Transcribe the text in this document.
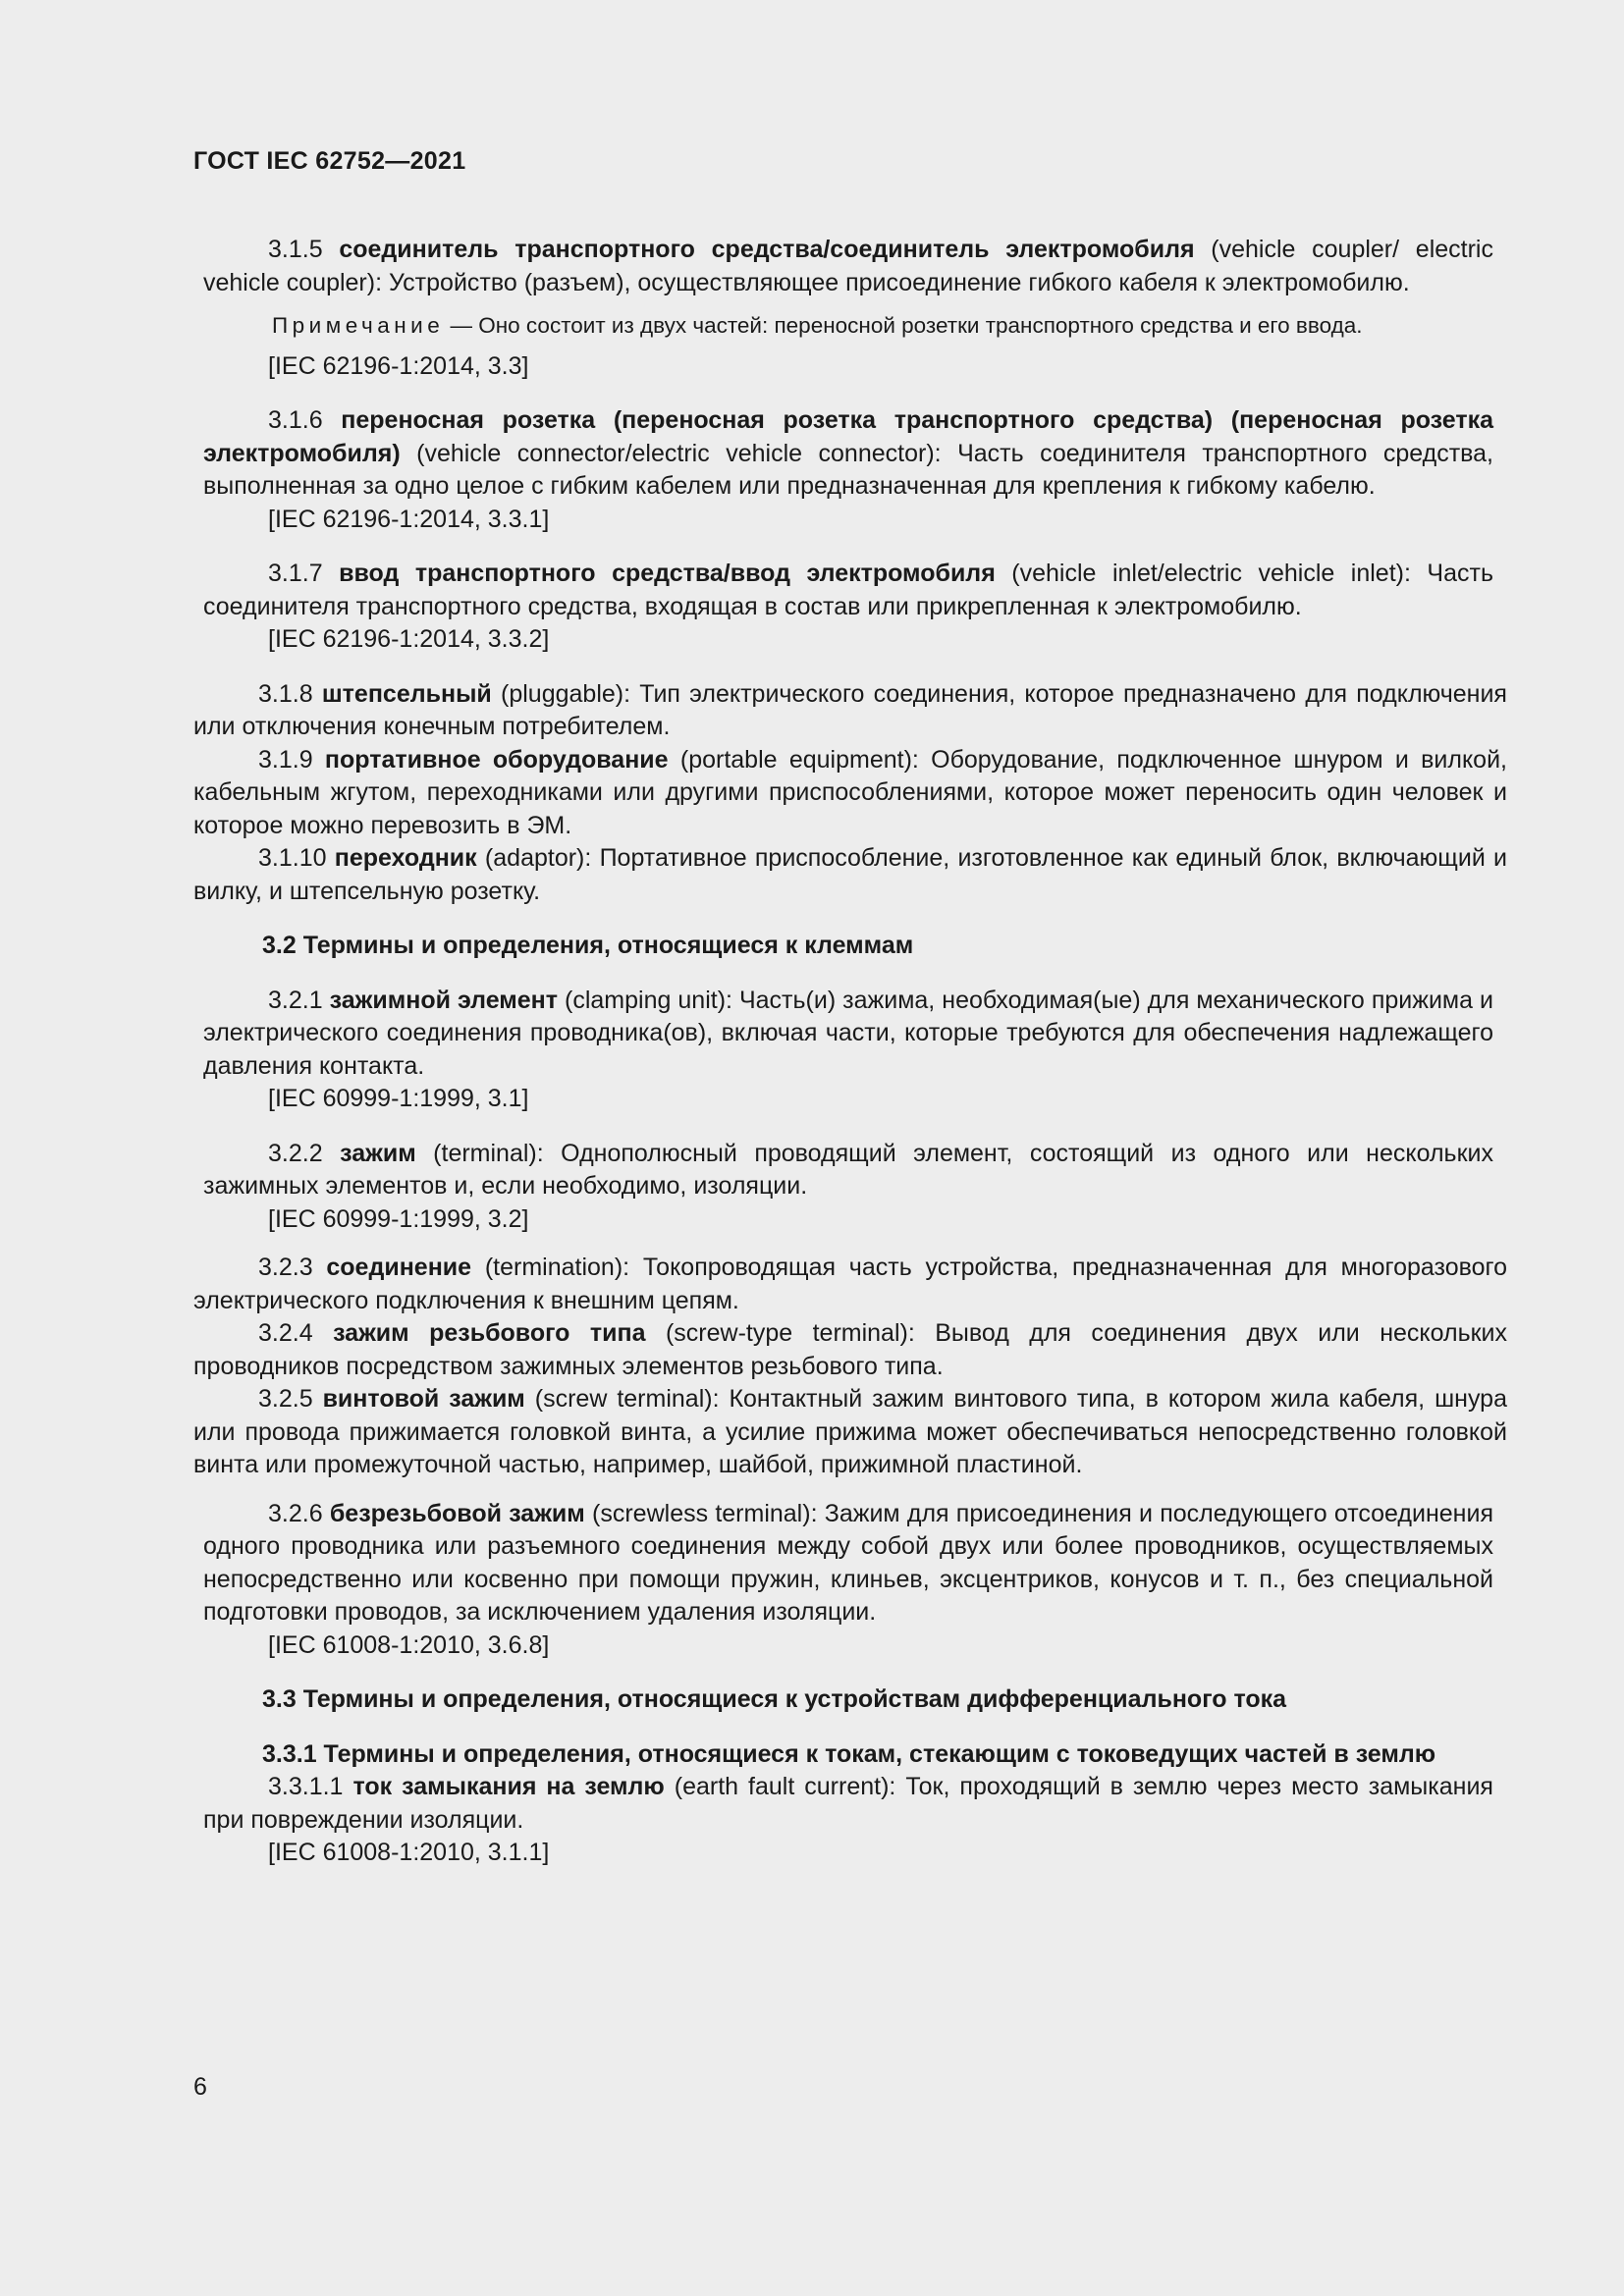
ГОСТ IEC 62752—2021

3.1.5 соединитель транспортного средства/соединитель электромобиля (vehicle coupler/ electric vehicle coupler): Устройство (разъем), осуществляющее присоединение гибкого кабеля к электромобилю.

Примечание — Оно состоит из двух частей: переносной розетки транспортного средства и его ввода.

[IEC 62196-1:2014, 3.3]

3.1.6 переносная розетка (переносная розетка транспортного средства) (переносная розетка электромобиля) (vehicle connector/electric vehicle connector): Часть соединителя транспортного средства, выполненная за одно целое с гибким кабелем или предназначенная для крепления к гибкому кабелю.

[IEC 62196-1:2014, 3.3.1]

3.1.7 ввод транспортного средства/ввод электромобиля (vehicle inlet/electric vehicle inlet): Часть соединителя транспортного средства, входящая в состав или прикрепленная к электромобилю.

[IEC 62196-1:2014, 3.3.2]

3.1.8 штепсельный (pluggable): Тип электрического соединения, которое предназначено для подключения или отключения конечным потребителем.

3.1.9 портативное оборудование (portable equipment): Оборудование, подключенное шнуром и вилкой, кабельным жгутом, переходниками или другими приспособлениями, которое может переносить один человек и которое можно перевозить в ЭМ.

3.1.10 переходник (adaptor): Портативное приспособление, изготовленное как единый блок, включающий и вилку, и штепсельную розетку.

3.2 Термины и определения, относящиеся к клеммам

3.2.1 зажимной элемент (clamping unit): Часть(и) зажима, необходимая(ые) для механического прижима и электрического соединения проводника(ов), включая части, которые требуются для обеспечения надлежащего давления контакта.

[IEC 60999-1:1999, 3.1]

3.2.2 зажим (terminal): Однополюсный проводящий элемент, состоящий из одного или нескольких зажимных элементов и, если необходимо, изоляции.

[IEC 60999-1:1999, 3.2]

3.2.3 соединение (termination): Токопроводящая часть устройства, предназначенная для многоразового электрического подключения к внешним цепям.

3.2.4 зажим резьбового типа (screw-type terminal): Вывод для соединения двух или нескольких проводников посредством зажимных элементов резьбового типа.

3.2.5 винтовой зажим (screw terminal): Контактный зажим винтового типа, в котором жила кабеля, шнура или провода прижимается головкой винта, а усилие прижима может обеспечиваться непосредственно головкой винта или промежуточной частью, например, шайбой, прижимной пластиной.

3.2.6 безрезьбовой зажим (screwless terminal): Зажим для присоединения и последующего отсоединения одного проводника или разъемного соединения между собой двух или более проводников, осуществляемых непосредственно или косвенно при помощи пружин, клиньев, эксцентриков, конусов и т. п., без специальной подготовки проводов, за исключением удаления изоляции.

[IEC 61008-1:2010, 3.6.8]

3.3 Термины и определения, относящиеся к устройствам дифференциального тока

3.3.1 Термины и определения, относящиеся к токам, стекающим с токоведущих частей в землю

3.3.1.1 ток замыкания на землю (earth fault current): Ток, проходящий в землю через место замыкания при повреждении изоляции.

[IEC 61008-1:2010, 3.1.1]

6
